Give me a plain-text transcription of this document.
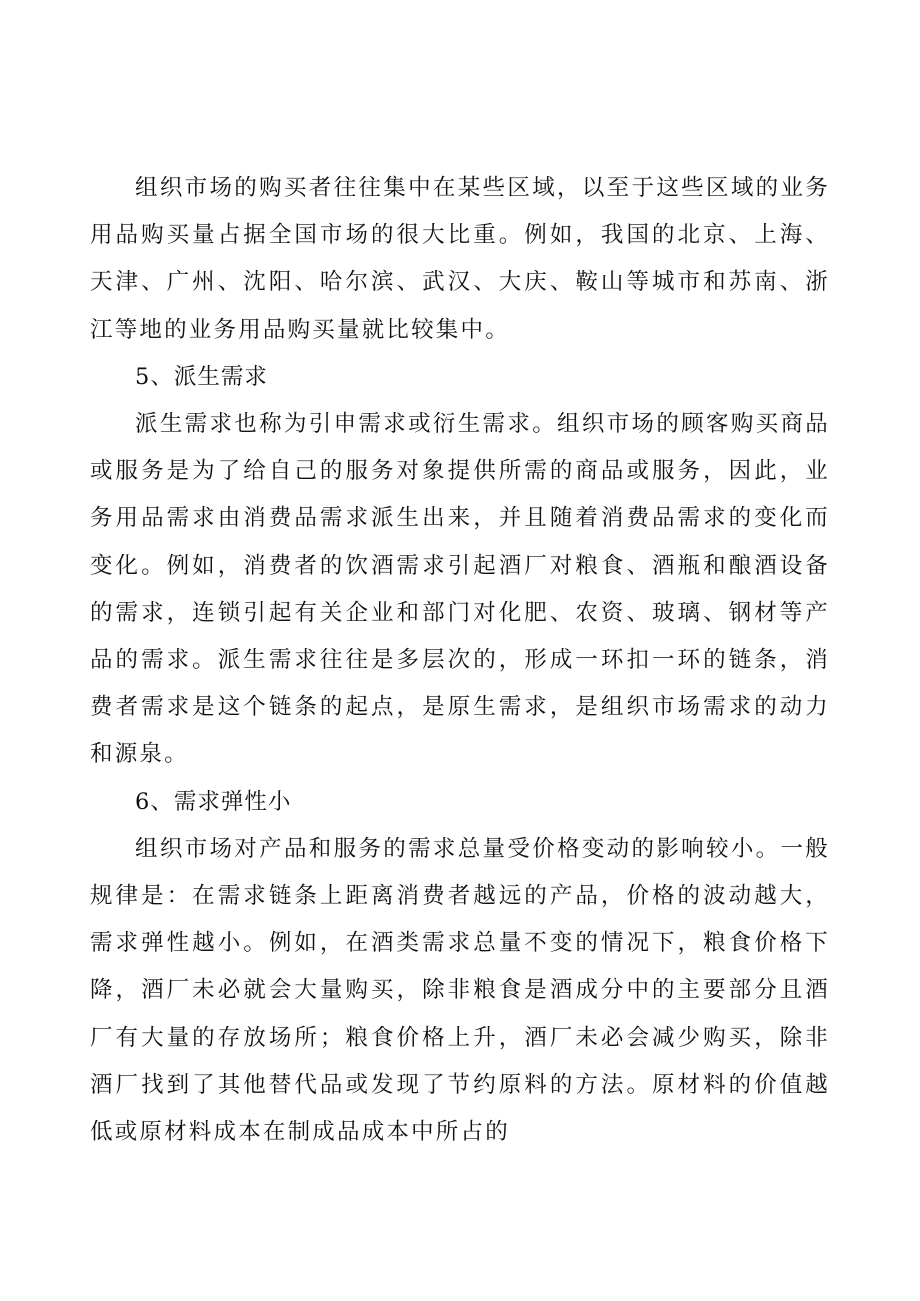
组织市场的购买者往往集中在某些区域，以至于这些区域的业务用品购买量占据全国市场的很大比重。例如，我国的北京、上海、天津、广州、沈阳、哈尔滨、武汉、大庆、鞍山等城市和苏南、浙江等地的业务用品购买量就比较集中。

5、派生需求

派生需求也称为引申需求或衍生需求。组织市场的顾客购买商品或服务是为了给自己的服务对象提供所需的商品或服务，因此，业务用品需求由消费品需求派生出来，并且随着消费品需求的变化而变化。例如，消费者的饮酒需求引起酒厂对粮食、酒瓶和酿酒设备的需求，连锁引起有关企业和部门对化肥、农资、玻璃、钢材等产品的需求。派生需求往往是多层次的，形成一环扣一环的链条，消费者需求是这个链条的起点，是原生需求，是组织市场需求的动力和源泉。

6、需求弹性小

组织市场对产品和服务的需求总量受价格变动的影响较小。一般规律是：在需求链条上距离消费者越远的产品，价格的波动越大，需求弹性越小。例如，在酒类需求总量不变的情况下，粮食价格下降，酒厂未必就会大量购买，除非粮食是酒成分中的主要部分且酒厂有大量的存放场所；粮食价格上升，酒厂未必会减少购买，除非酒厂找到了其他替代品或发现了节约原料的方法。原材料的价值越低或原材料成本在制成品成本中所占的
